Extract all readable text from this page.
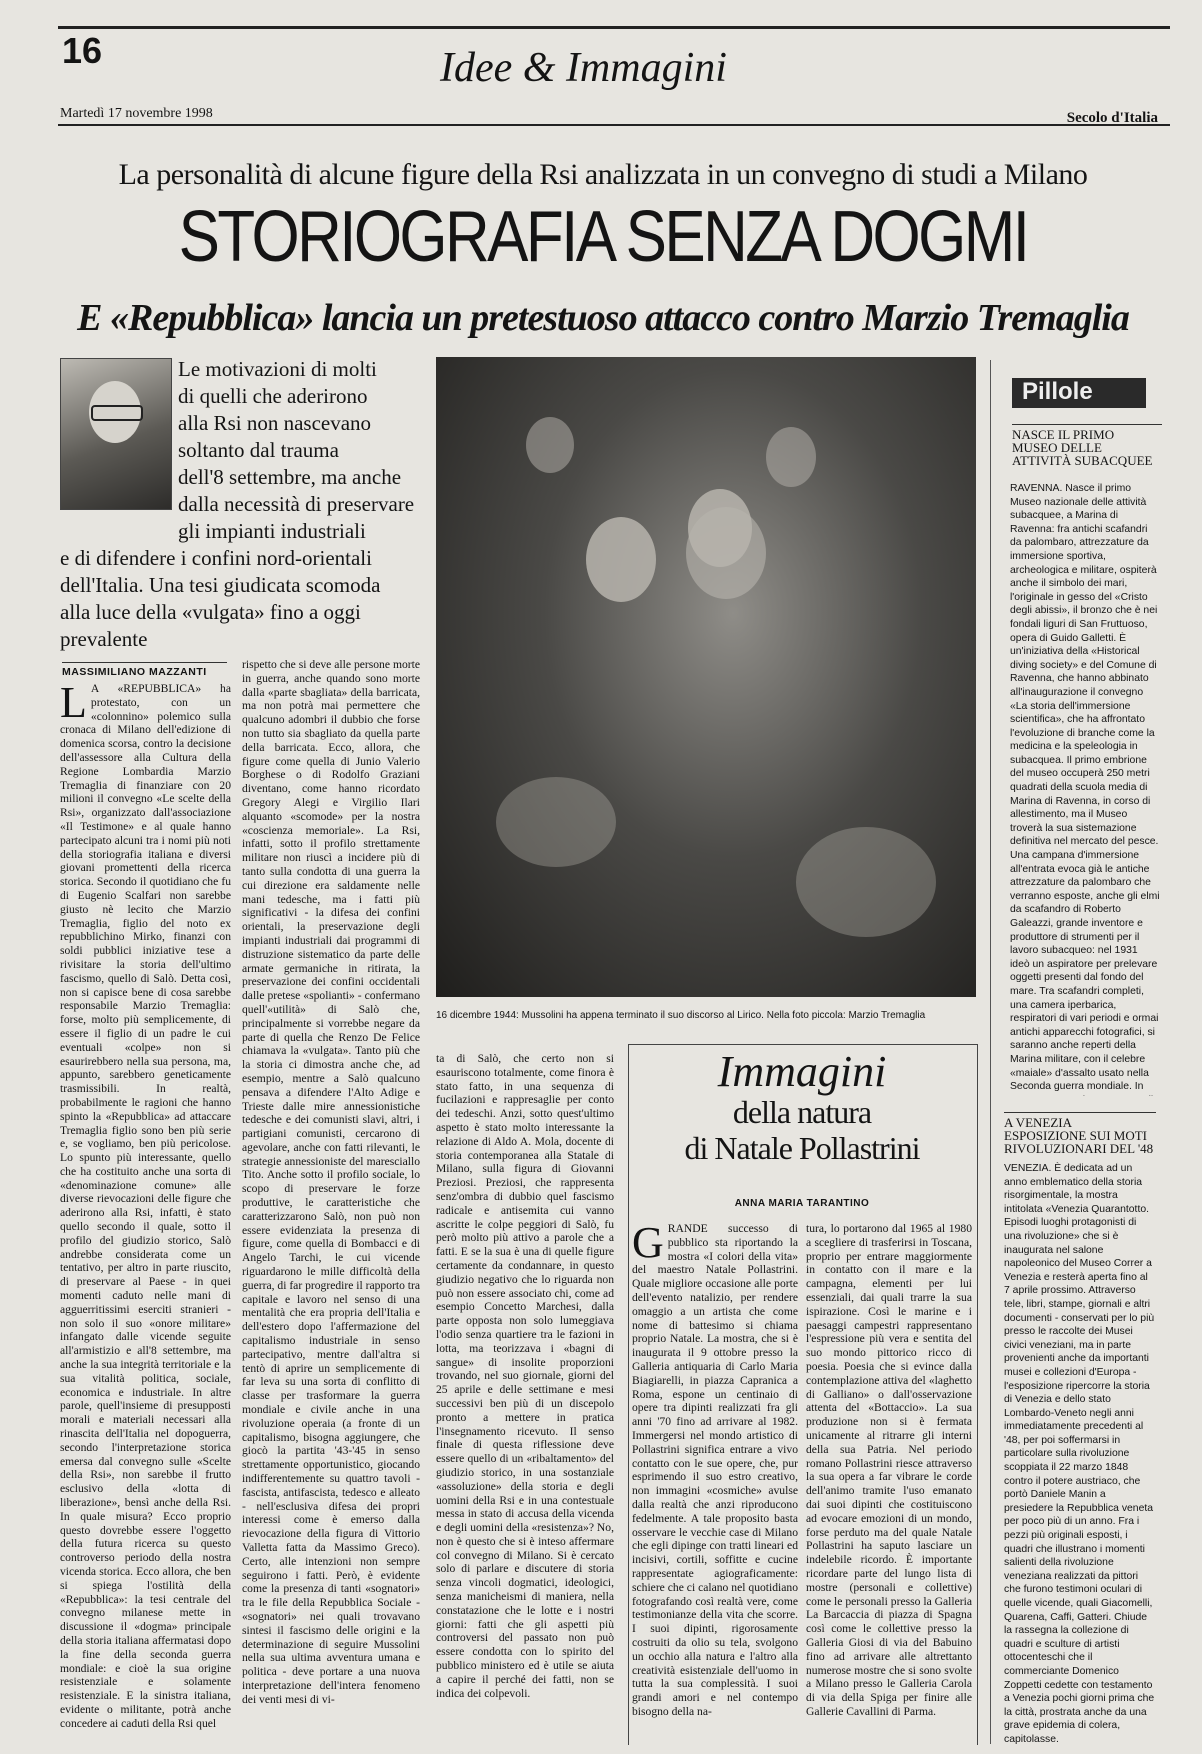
16	Idee & Immagini
Martedì 17 novembre 1998	Secolo d'Italia
La personalità di alcune figure della Rsi analizzata in un convegno di studi a Milano
STORIOGRAFIA SENZA DOGMI
E «Repubblica» lancia un pretestuoso attacco contro Marzio Tremaglia
Le motivazioni di molti
di quelli che aderirono
alla Rsi non nascevano
soltanto dal trauma
dell'8 settembre, ma anche
dalla necessità di preservare
gli impianti industriali
e di difendere i confini nord-orientali
dell'Italia. Una tesi giudicata scomoda
alla luce della «vulgata» fino a oggi prevalente
16 dicembre 1944: Mussolini ha appena terminato il suo discorso al Lirico. Nella foto piccola: Marzio Tremaglia
MASSIMILIANO MAZZANTI
L A «REPUBBLICA» ha protestato, con un «colonnino» polemico sulla cronaca di Milano dell'edizione di domenica scorsa, contro la decisione dell'assessore alla Cultura della Regione Lombardia Marzio Tremaglia di finanziare con 20 milioni il convegno «Le scelte della Rsi», organizzato dall'associazione «Il Testimone» e al quale hanno partecipato alcuni tra i nomi più noti della storiografia italiana e diversi giovani promettenti della ricerca storica. Secondo il quotidiano che fu di Eugenio Scalfari non sarebbe giusto nè lecito che Marzio Tremaglia, figlio del noto ex repubblichino Mirko, finanzi con soldi pubblici iniziative tese a rivisitare la storia dell'ultimo fascismo, quello di Salò. Detta così, non si capisce bene di cosa sarebbe responsabile Marzio Tremaglia: forse, molto più semplicemente, di essere il figlio di un padre le cui eventuali «colpe» non si esaurirebbero nella sua persona, ma, appunto, sarebbero geneticamente trasmissibili. In realtà, probabilmente le ragioni che hanno spinto la «Repubblica» ad attaccare Tremaglia figlio sono ben più serie e, se vogliamo, ben più pericolose. Lo spunto più interessante, quello che ha costituito anche una sorta di «denominazione comune» alle diverse rievocazioni delle figure che aderirono alla Rsi, infatti, è stato quello secondo il quale, sotto il profilo del giudizio storico, Salò andrebbe considerata come un tentativo, per altro in parte riuscito, di preservare al Paese - in quei momenti caduto nelle mani di agguerritissimi eserciti stranieri - non solo il suo «onore militare» infangato dalle vicende seguite all'armistizio e all'8 settembre, ma anche la sua integrità territoriale e la sua vitalità politica, sociale, economica e industriale. In altre parole, quell'insieme di presupposti morali e materiali necessari alla rinascita dell'Italia nel dopoguerra, secondo l'interpretazione storica emersa dal convegno sulle «Scelte della Rsi», non sarebbe il frutto esclusivo della «lotta di liberazione», bensì anche della Rsi. In quale misura? Ecco proprio questo dovrebbe essere l'oggetto della futura ricerca su questo controverso periodo della nostra vicenda storica. Ecco allora, che ben si spiega l'ostilità della «Repubblica»: la tesi centrale del convegno milanese mette in discussione il «dogma» principale della storia italiana affermatasi dopo la fine della seconda guerra mondiale: e cioè la sua origine resistenziale e solamente resistenziale. E la sinistra italiana, evidente o militante, potrà anche concedere ai caduti della Rsi quel
rispetto che si deve alle persone morte in guerra, anche quando sono morte dalla «parte sbagliata» della barricata, ma non potrà mai permettere che qualcuno adombri il dubbio che forse non tutto sia sbagliato da quella parte della barricata. Ecco, allora, che figure come quella di Junio Valerio Borghese o di Rodolfo Graziani diventano, come hanno ricordato Gregory Alegi e Virgilio Ilari alquanto «scomode» per la nostra «coscienza memoriale». La Rsi, infatti, sotto il profilo strettamente militare non riuscì a incidere più di tanto sulla condotta di una guerra la cui direzione era saldamente nelle mani tedesche, ma i fatti più significativi - la difesa dei confini orientali, la preservazione degli impianti industriali dai programmi di distruzione sistematico da parte delle armate germaniche in ritirata, la preservazione dei confini occidentali dalle pretese «spolianti» - confermano quell'«utilità» di Salò che, principalmente si vorrebbe negare da parte di quella che Renzo De Felice chiamava la «vulgata». Tanto più che la storia ci dimostra anche che, ad esempio, mentre a Salò qualcuno pensava a difendere l'Alto Adige e Trieste dalle mire annessionistiche tedesche e dei comunisti slavi, altri, i partigiani comunisti, cercarono di agevolare, anche con fatti rilevanti, le strategie annessioniste del maresciallo Tito. Anche sotto il profilo sociale, lo scopo di preservare le forze produttive, le caratteristiche che caratterizzarono Salò, non può non essere evidenziata la presenza di figure, come quella di Bombacci e di Angelo Tarchi, le cui vicende riguardarono le mille difficoltà della guerra, di far progredire il rapporto tra capitale e lavoro nel senso di una mentalità che era propria dell'Italia e dell'estero dopo l'affermazione del capitalismo industriale in senso partecipativo, mentre dall'altra si tentò di aprire un semplicemente di far leva su una sorta di conflitto di classe per trasformare la guerra mondiale e civile anche in una rivoluzione operaia (a fronte di un capitalismo, bisogna aggiungere, che giocò la partita '43-'45 in senso strettamente opportunistico, giocando indifferentemente su quattro tavoli - fascista, antifascista, tedesco e alleato - nell'esclusiva difesa dei propri interessi come è emerso dalla rievocazione della figura di Vittorio Valletta fatta da Massimo Greco). Certo, alle intenzioni non sempre seguirono i fatti. Però, è evidente come la presenza di tanti «sognatori» tra le file della Repubblica Sociale - «sognatori» nei quali trovavano sintesi il fascismo delle origini e la determinazione di seguire Mussolini nella sua ultima avventura umana e politica - deve portare a una nuova interpretazione dell'intera fenomeno dei venti mesi di vi-
ta di Salò, che certo non si esauriscono totalmente, come finora è stato fatto, in una sequenza di fucilazioni e rappresaglie per conto dei tedeschi. Anzi, sotto quest'ultimo aspetto è stato molto interessante la relazione di Aldo A. Mola, docente di storia contemporanea alla Statale di Milano, sulla figura di Giovanni Preziosi. Preziosi, che rappresenta senz'ombra di dubbio quel fascismo radicale e antisemita cui vanno ascritte le colpe peggiori di Salò, fu però molto più attivo a parole che a fatti. E se la sua è una di quelle figure certamente da condannare, in questo giudizio negativo che lo riguarda non può non essere associato chi, come ad esempio Concetto Marchesi, dalla parte opposta non solo lumeggiava l'odio senza quartiere tra le fazioni in lotta, ma teorizzava i «bagni di sangue» di insolite proporzioni trovando, nel suo giornale, giorni del 25 aprile e delle settimane e mesi successivi ben più di un discepolo pronto a mettere in pratica l'insegnamento ricevuto. Il senso finale di questa riflessione deve essere quello di un «ribaltamento» del giudizio storico, in una sostanziale «assoluzione» della storia e degli uomini della Rsi e in una contestuale messa in stato di accusa della vicenda e degli uomini della «resistenza»? No, non è questo che si è inteso affermare col convegno di Milano. Si è cercato solo di parlare e discutere di storia senza vincoli dogmatici, ideologici, senza manicheismi di maniera, nella constatazione che le lotte e i nostri giorni: fatti che gli aspetti più controversi del passato non può essere condotta con lo spirito del pubblico ministero ed è utile se aiuta a capire il perché dei fatti, non se indica dei colpevoli.
Immagini
della natura
di Natale Pollastrini
ANNA MARIA TARANTINO
GRANDE successo di pubblico sta riportando la mostra «I colori della vita» del maestro Natale Pollastrini. Quale migliore occasione alle porte dell'evento natalizio, per rendere omaggio a un artista che come nome di battesimo si chiama proprio Natale. La mostra, che si è inaugurata il 9 ottobre presso la Galleria antiquaria di Carlo Maria Biagiarelli, in piazza Capranica a Roma, espone un centinaio di opere tra dipinti realizzati fra gli anni '70 fino ad arrivare al 1982. Immergersi nel mondo artistico di Pollastrini significa entrare a vivo contatto con le sue opere, che, pur esprimendo il suo estro creativo, non immagini «cosmiche» avulse dalla realtà che anzi riproducono fedelmente. A tale proposito basta osservare le vecchie case di Milano che egli dipinge con tratti lineari ed incisivi, cortili, soffitte e cucine rappresentate agiograficamente: schiere che ci calano nel quotidiano fotografando così realtà vere, come testimonianze della vita che scorre. I suoi dipinti, rigorosamente costruiti da olio su tela, svolgono un occhio alla natura e l'altro alla creatività esistenziale dell'uomo in tutta la sua complessità. I suoi grandi amori e nel contempo bisogno della na-
tura, lo portarono dal 1965 al 1980 a scegliere di trasferirsi in Toscana, proprio per entrare maggiormente in contatto con il mare e la campagna, elementi per lui essenziali, dai quali trarre la sua ispirazione. Così le marine e i paesaggi campestri rappresentano l'espressione più vera e sentita del suo mondo pittorico ricco di poesia. Poesia che si evince dalla contemplazione attiva del «laghetto di Galliano» o dall'osservazione attenta del «Bottaccio». La sua produzione non si è fermata unicamente al ritrarre gli interni della sua Patria. Nel periodo romano Pollastrini riesce attraverso la sua opera a far vibrare le corde dell'animo tramite l'uso emanato dai suoi dipinti che costituiscono ad evocare emozioni di un mondo, forse perduto ma del quale Natale Pollastrini ha saputo lasciare un indelebile ricordo. È importante ricordare parte del lungo lista di mostre (personali e collettive) come le personali presso la Galleria La Barcaccia di piazza di Spagna così come le collettive presso la Galleria Giosi di via del Babuino fino ad arrivare alle altrettanto numerose mostre che si sono svolte a Milano presso le Galleria Carola di via della Spiga per finire alle Gallerie Cavallini di Parma.
Pillole
NASCE IL PRIMO MUSEO DELLE ATTIVITÀ SUBACQUEE
RAVENNA. Nasce il primo Museo nazionale delle attività subacquee, a Marina di Ravenna: fra antichi scafandri da palombaro, attrezzature da immersione sportiva, archeologica e militare, ospiterà anche il simbolo dei mari, l'originale in gesso del «Cristo degli abissi», il bronzo che è nei fondali liguri di San Fruttuoso, opera di Guido Galletti. È un'iniziativa della «Historical diving society» e del Comune di Ravenna, che hanno abbinato all'inaugurazione il convegno «La storia dell'immersione scientifica», che ha affrontato l'evoluzione di branche come la medicina e la speleologia in subacquea. Il primo embrione del museo occuperà 250 metri quadrati della scuola media di Marina di Ravenna, in corso di allestimento, ma il Museo troverà la sua sistemazione definitiva nel mercato del pesce. Una campana d'immersione all'entrata evoca già le antiche attrezzature da palombaro che verranno esposte, anche gli elmi da scafandro di Roberto Galeazzi, grande inventore e produttore di strumenti per il lavoro subacqueo: nel 1931 ideò un aspiratore per prelevare oggetti presenti dal fondo del mare. Tra scafandri completi, una camera iperbarica, respiratori di vari periodi e ormai antichi apparecchi fotografici, si saranno anche reperti della Marina militare, con il celebre «maiale» d'assalto usato nella Seconda guerra mondiale. In
A VENEZIA ESPOSIZIONE SUI MOTI RIVOLUZIONARI DEL '48
VENEZIA. È dedicata ad un anno emblematico della storia risorgimentale, la mostra intitolata «Venezia Quarantotto. Episodi luoghi protagonisti di una rivoluzione» che si è inaugurata nel salone napoleonico del Museo Correr a Venezia e resterà aperta fino al 7 aprile prossimo. Attraverso tele, libri, stampe, giornali e altri documenti - conservati per lo più presso le raccolte dei Musei civici veneziani, ma in parte provenienti anche da importanti musei e collezioni d'Europa - l'esposizione ripercorre la storia di Venezia e dello stato Lombardo-Veneto negli anni immediatamente precedenti al '48, per poi soffermarsi in particolare sulla rivoluzione scoppiata il 22 marzo 1848 contro il potere austriaco, che portò Daniele Manin a presiedere la Repubblica veneta per poco più di un anno. Fra i pezzi più originali esposti, i quadri che illustrano i momenti salienti della rivoluzione veneziana realizzati da pittori che furono testimoni oculari di quelle vicende, quali Giacomelli, Quarena, Caffi, Gatteri. Chiude la rassegna la collezione di quadri e sculture di artisti ottocenteschi che il commerciante Domenico Zoppetti cedette con testamento a Venezia pochi giorni prima che la città, prostrata anche da una grave epidemia di colera, capitolasse.
